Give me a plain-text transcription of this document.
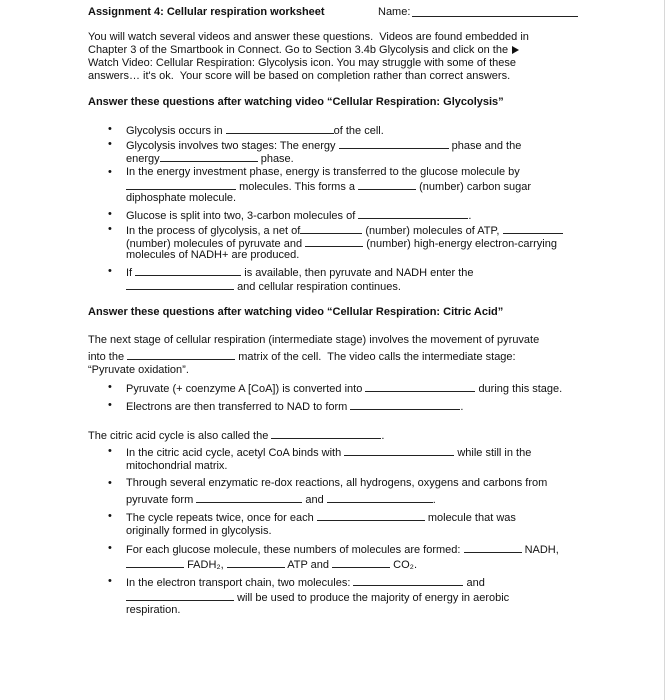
Assignment 4: Cellular respiration worksheet	Name:
You will watch several videos and answer these questions.  Videos are found embedded in
Chapter 3 of the Smartbook in Connect. Go to Section 3.4b Glycolysis and click on the
Watch Video: Cellular Respiration: Glycolysis icon. You may struggle with some of these
answers… it's ok.  Your score will be based on completion rather than correct answers.
Answer these questions after watching video “Cellular Respiration: Glycolysis”
• Glycolysis occurs in	of the cell.
• Glycolysis involves two stages: The energy	phase and the
energy	phase.
• In the energy investment phase, energy is transferred to the glucose molecule by
molecules. This forms a	(number) carbon sugar
diphosphate molecule.
• Glucose is split into two, 3-carbon molecules of	.
• In the process of glycolysis, a net of	(number) molecules of ATP,
(number) molecules of pyruvate and	(number) high-energy electron-carrying
molecules of NADH+ are produced.
• If	is available, then pyruvate and NADH enter the
and cellular respiration continues.
Answer these questions after watching video “Cellular Respiration: Citric Acid”
The next stage of cellular respiration (intermediate stage) involves the movement of pyruvate
into the	matrix of the cell.  The video calls the intermediate stage:
“Pyruvate oxidation”.
• Pyruvate (+ coenzyme A [CoA]) is converted into	during this stage.
• Electrons are then transferred to NAD to form	.
The citric acid cycle is also called the	.
• In the citric acid cycle, acetyl CoA binds with	while still in the
mitochondrial matrix.
• Through several enzymatic re-dox reactions, all hydrogens, oxygens and carbons from
pyruvate form	and	.
• The cycle repeats twice, once for each	molecule that was
originally formed in glycolysis.
• For each glucose molecule, these numbers of molecules are formed:	NADH,
FADH₂,	ATP and	CO₂.
• In the electron transport chain, two molecules:	and
will be used to produce the majority of energy in aerobic
respiration.
